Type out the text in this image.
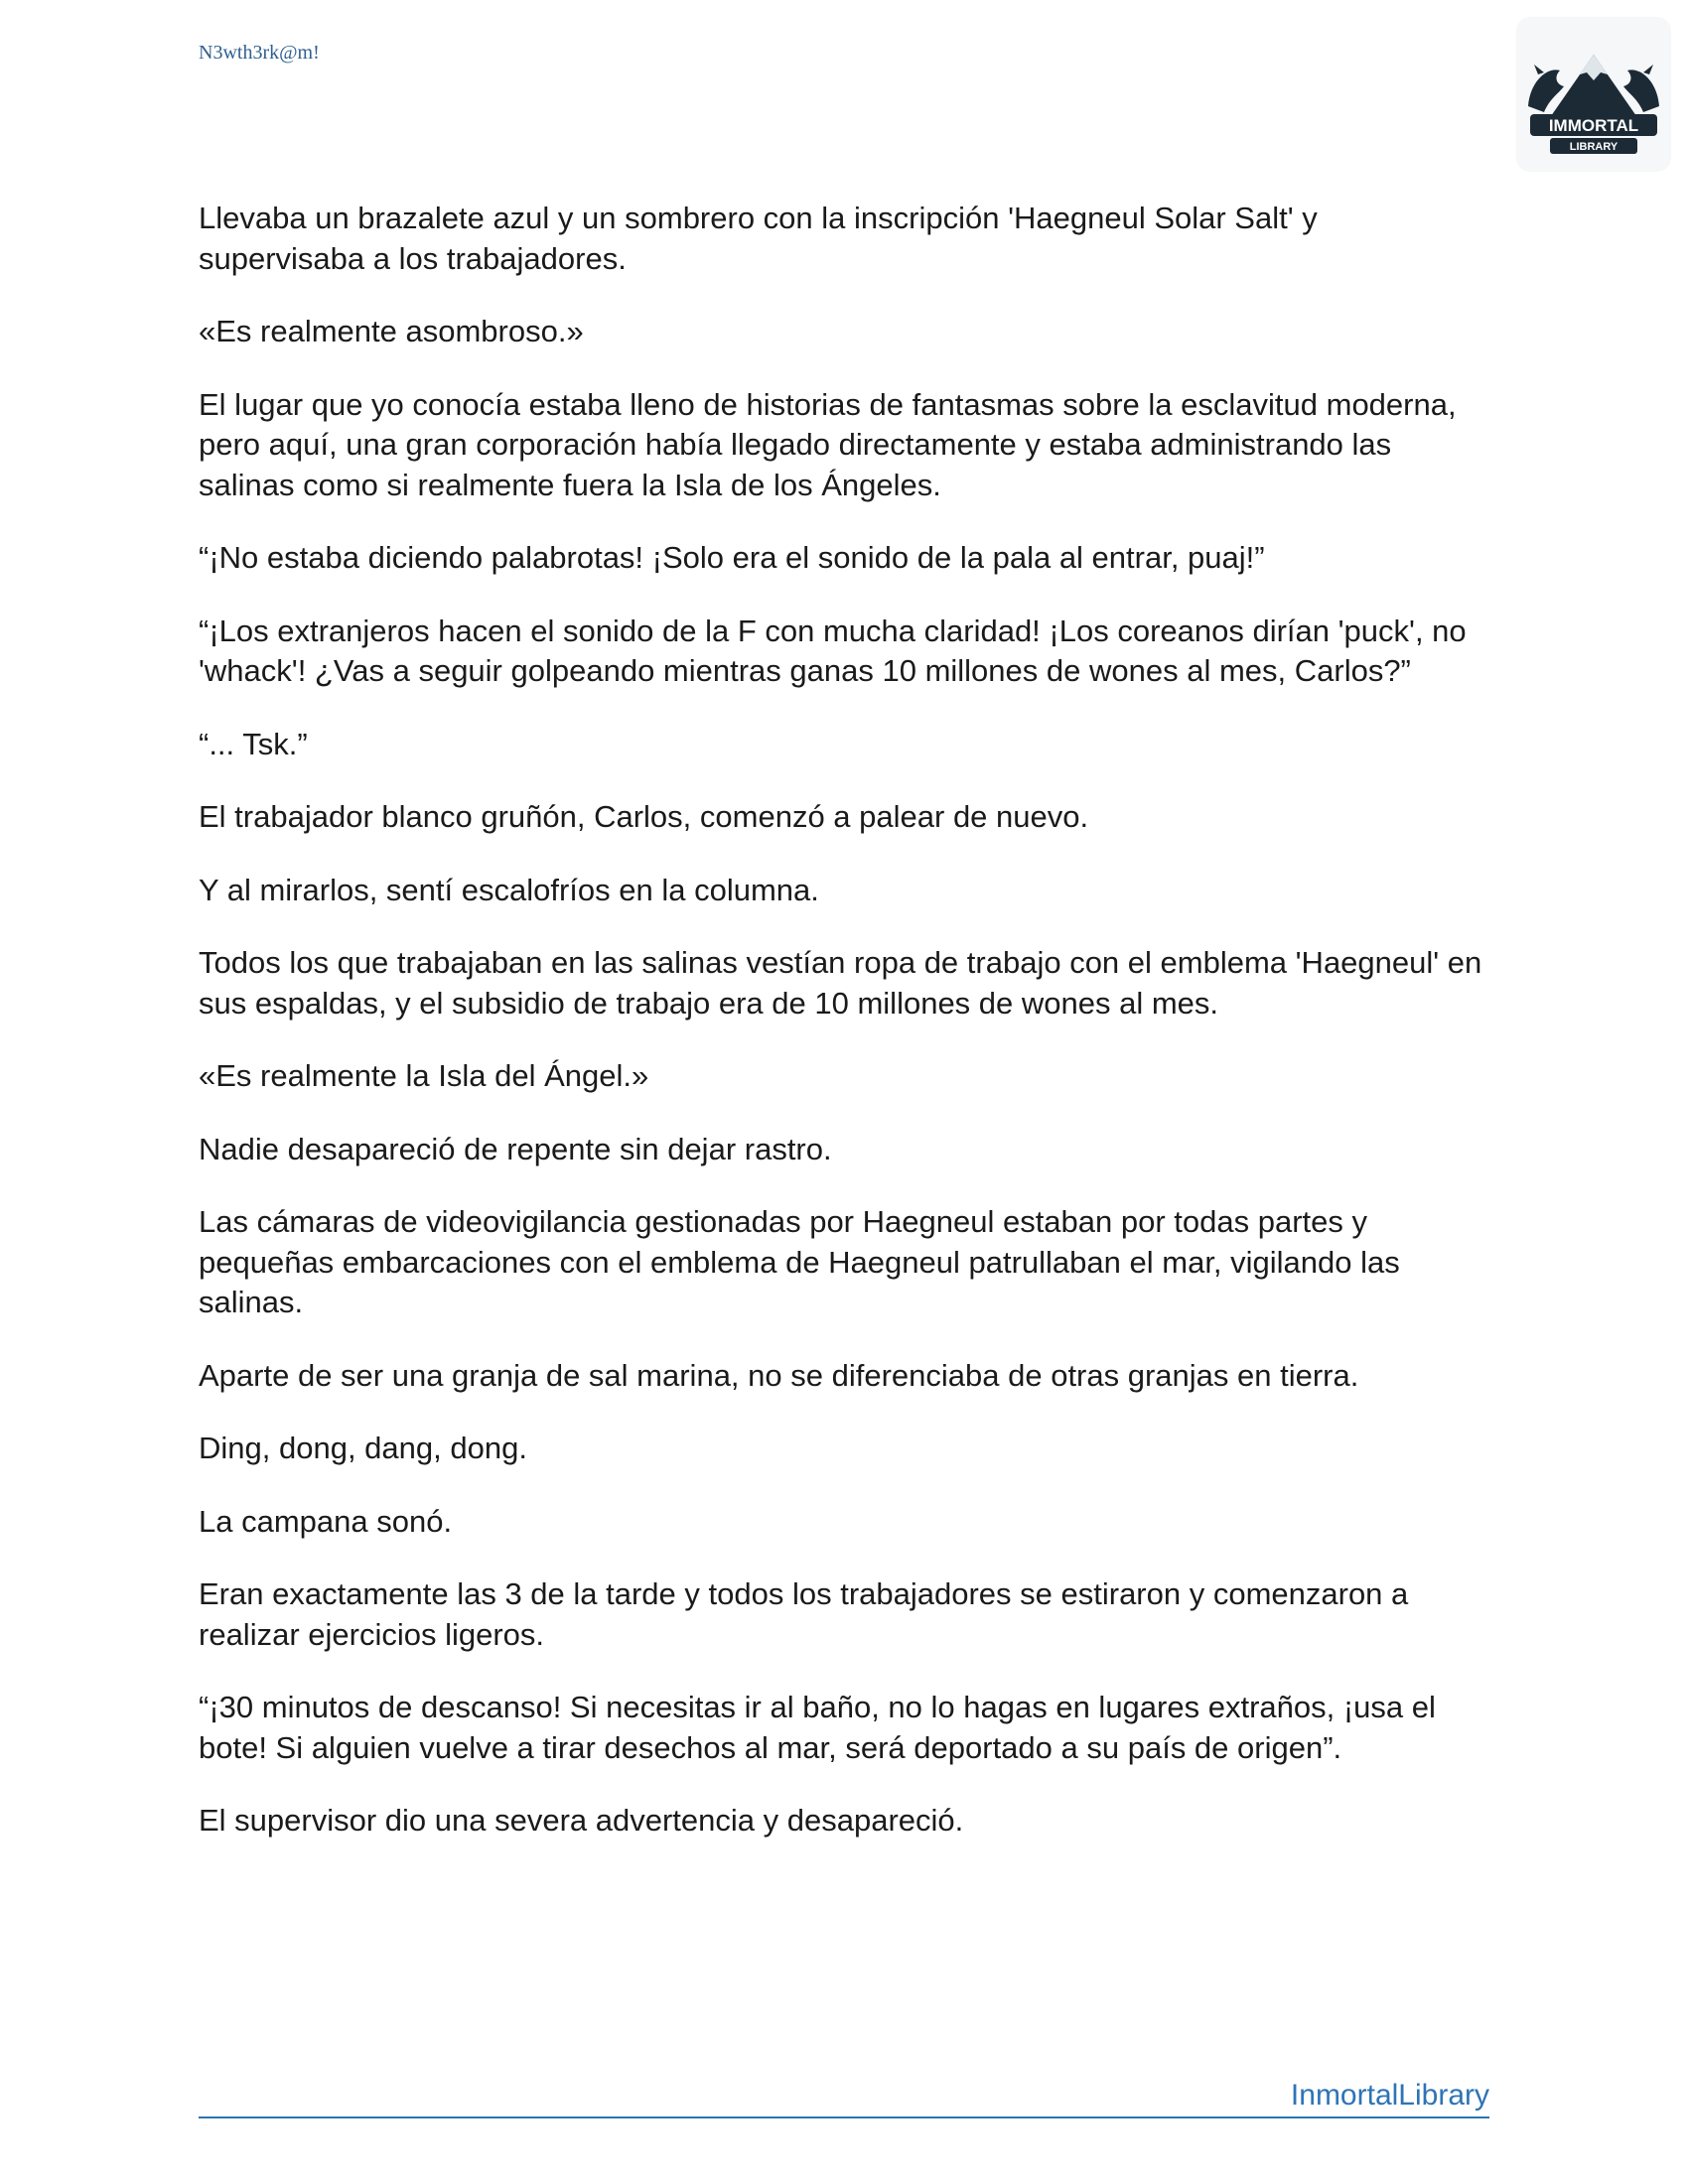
N3wth3rk@m!
IMMORTAL
LIBRARY

Llevaba un brazalete azul y un sombrero con la inscripción 'Haegneul Solar Salt' y supervisaba a los trabajadores.

«Es realmente asombroso.»

El lugar que yo conocía estaba lleno de historias de fantasmas sobre la esclavitud moderna, pero aquí, una gran corporación había llegado directamente y estaba administrando las salinas como si realmente fuera la Isla de los Ángeles.

“¡No estaba diciendo palabrotas! ¡Solo era el sonido de la pala al entrar, puaj!”

“¡Los extranjeros hacen el sonido de la F con mucha claridad! ¡Los coreanos dirían 'puck', no 'whack'! ¿Vas a seguir golpeando mientras ganas 10 millones de wones al mes, Carlos?”

“... Tsk.”

El trabajador blanco gruñón, Carlos, comenzó a palear de nuevo.

Y al mirarlos, sentí escalofríos en la columna.

Todos los que trabajaban en las salinas vestían ropa de trabajo con el emblema 'Haegneul' en sus espaldas, y el subsidio de trabajo era de 10 millones de wones al mes.

«Es realmente la Isla del Ángel.»

Nadie desapareció de repente sin dejar rastro.

Las cámaras de videovigilancia gestionadas por Haegneul estaban por todas partes y pequeñas embarcaciones con el emblema de Haegneul patrullaban el mar, vigilando las salinas.

Aparte de ser una granja de sal marina, no se diferenciaba de otras granjas en tierra.

Ding, dong, dang, dong.

La campana sonó.

Eran exactamente las 3 de la tarde y todos los trabajadores se estiraron y comenzaron a realizar ejercicios ligeros.

“¡30 minutos de descanso! Si necesitas ir al baño, no lo hagas en lugares extraños, ¡usa el bote! Si alguien vuelve a tirar desechos al mar, será deportado a su país de origen”.

El supervisor dio una severa advertencia y desapareció.

InmortalLibrary
